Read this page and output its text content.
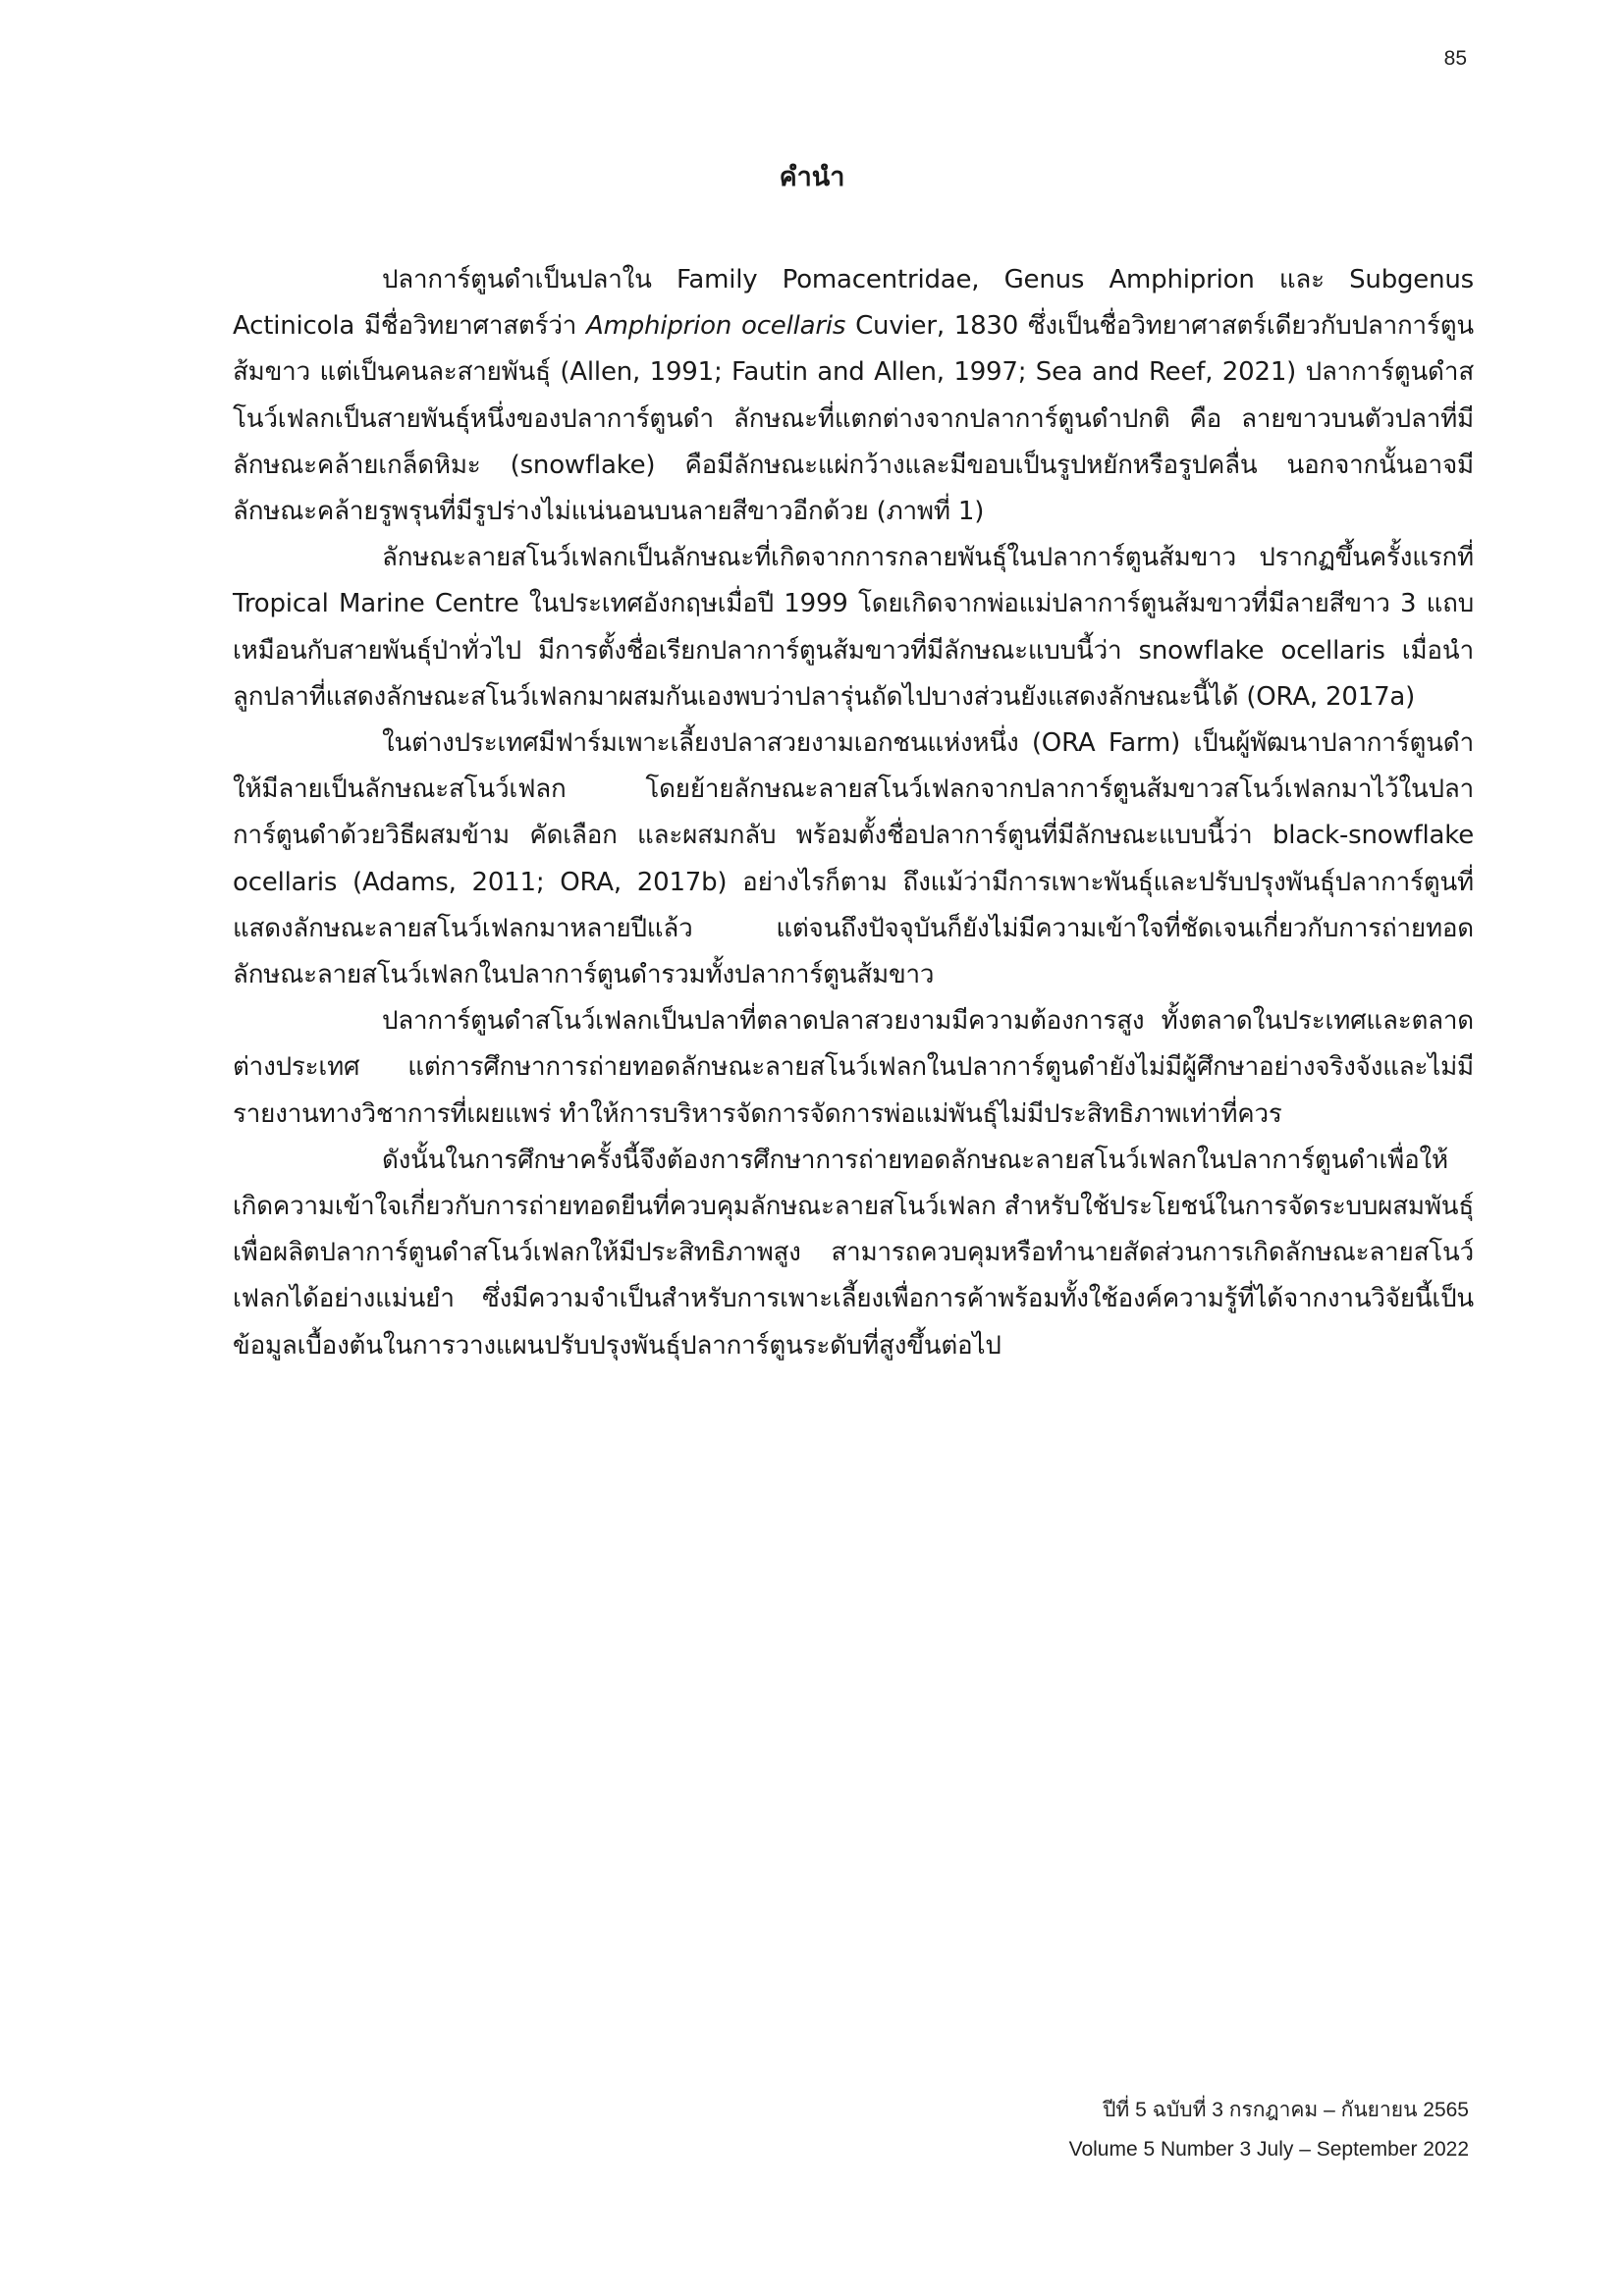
85
คำนำ

ปลาการ์ตูนดำเป็นปลาใน Family Pomacentridae, Genus Amphiprion และ Subgenus Actinicola มีชื่อวิทยาศาสตร์ว่า Amphiprion ocellaris Cuvier, 1830 ซึ่งเป็นชื่อวิทยาศาสตร์เดียวกับปลาการ์ตูนส้มขาว แต่เป็นคนละสายพันธุ์ (Allen, 1991; Fautin and Allen, 1997; Sea and Reef, 2021) ปลาการ์ตูนดำสโนว์เฟลกเป็นสายพันธุ์หนึ่งของปลาการ์ตูนดำ ลักษณะที่แตกต่างจากปลาการ์ตูนดำปกติ คือ ลายขาวบนตัวปลาที่มีลักษณะคล้ายเกล็ดหิมะ (snowflake) คือมีลักษณะแผ่กว้างและมีขอบเป็นรูปหยักหรือรูปคลื่น นอกจากนั้นอาจมีลักษณะคล้ายรูพรุนที่มีรูปร่างไม่แน่นอนบนลายสีขาวอีกด้วย (ภาพที่ 1)

ลักษณะลายสโนว์เฟลกเป็นลักษณะที่เกิดจากการกลายพันธุ์ในปลาการ์ตูนส้มขาว ปรากฏขึ้นครั้งแรกที่ Tropical Marine Centre ในประเทศอังกฤษเมื่อปี 1999 โดยเกิดจากพ่อแม่ปลาการ์ตูนส้มขาวที่มีลายสีขาว 3 แถบเหมือนกับสายพันธุ์ป่าทั่วไป มีการตั้งชื่อเรียกปลาการ์ตูนส้มขาวที่มีลักษณะแบบนี้ว่า snowflake ocellaris เมื่อนำลูกปลาที่แสดงลักษณะสโนว์เฟลกมาผสมกันเองพบว่าปลารุ่นถัดไปบางส่วนยังแสดงลักษณะนี้ได้ (ORA, 2017a)

ในต่างประเทศมีฟาร์มเพาะเลี้ยงปลาสวยงามเอกชนแห่งหนึ่ง (ORA Farm) เป็นผู้พัฒนาปลาการ์ตูนดำให้มีลายเป็นลักษณะสโนว์เฟลก โดยย้ายลักษณะลายสโนว์เฟลกจากปลาการ์ตูนส้มขาวสโนว์เฟลกมาไว้ในปลาการ์ตูนดำด้วยวิธีผสมข้าม คัดเลือก และผสมกลับ พร้อมตั้งชื่อปลาการ์ตูนที่มีลักษณะแบบนี้ว่า black-snowflake ocellaris (Adams, 2011; ORA, 2017b) อย่างไรก็ตาม ถึงแม้ว่ามีการเพาะพันธุ์และปรับปรุงพันธุ์ปลาการ์ตูนที่แสดงลักษณะลายสโนว์เฟลกมาหลายปีแล้ว แต่จนถึงปัจจุบันก็ยังไม่มีความเข้าใจที่ชัดเจนเกี่ยวกับการถ่ายทอดลักษณะลายสโนว์เฟลกในปลาการ์ตูนดำรวมทั้งปลาการ์ตูนส้มขาว

ปลาการ์ตูนดำสโนว์เฟลกเป็นปลาที่ตลาดปลาสวยงามมีความต้องการสูง ทั้งตลาดในประเทศและตลาดต่างประเทศ แต่การศึกษาการถ่ายทอดลักษณะลายสโนว์เฟลกในปลาการ์ตูนดำยังไม่มีผู้ศึกษาอย่างจริงจังและไม่มีรายงานทางวิชาการที่เผยแพร่ ทำให้การบริหารจัดการจัดการพ่อแม่พันธุ์ไม่มีประสิทธิภาพเท่าที่ควร

ดังนั้นในการศึกษาครั้งนี้จึงต้องการศึกษาการถ่ายทอดลักษณะลายสโนว์เฟลกในปลาการ์ตูนดำเพื่อให้เกิดความเข้าใจเกี่ยวกับการถ่ายทอดยีนที่ควบคุมลักษณะลายสโนว์เฟลก สำหรับใช้ประโยชน์ในการจัดระบบผสมพันธุ์เพื่อผลิตปลาการ์ตูนดำสโนว์เฟลกให้มีประสิทธิภาพสูง สามารถควบคุมหรือทำนายสัดส่วนการเกิดลักษณะลายสโนว์เฟลกได้อย่างแม่นยำ ซึ่งมีความจำเป็นสำหรับการเพาะเลี้ยงเพื่อการค้าพร้อมทั้งใช้องค์ความรู้ที่ได้จากงานวิจัยนี้เป็นข้อมูลเบื้องต้นในการวางแผนปรับปรุงพันธุ์ปลาการ์ตูนระดับที่สูงขึ้นต่อไป

ปีที่ 5 ฉบับที่ 3 กรกฎาคม – กันยายน 2565
Volume 5 Number 3 July – September 2022
